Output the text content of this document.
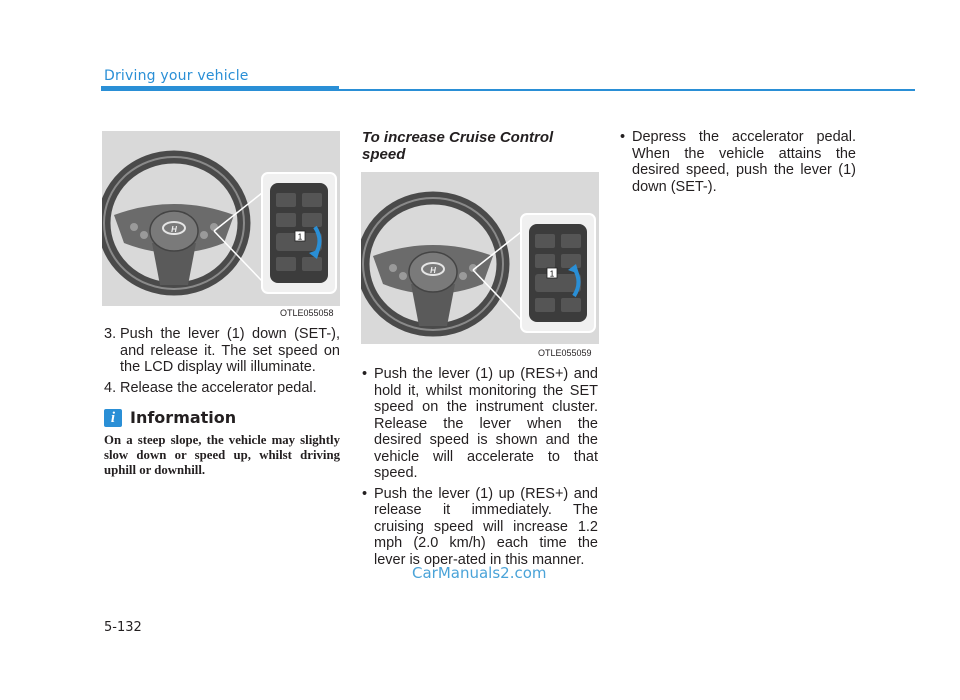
Driving your vehicle
H
1
OTLE055058
3. Push the lever (1) down (SET-), and release it. The set speed on the LCD display will illuminate.
4. Release the accelerator pedal.
i Information
On a steep slope, the vehicle may slightly slow down or speed up, whilst driving uphill or downhill.
To increase Cruise Control speed
H	1
OTLE055059
• Push the lever (1) up (RES+) and hold it, whilst monitoring the SET speed on the instrument cluster. Release the lever when the desired speed is shown and the vehicle will accelerate to that speed.
• Push the lever (1) up (RES+) and release it immediately. The cruising speed will increase 1.2 mph (2.0 km/h) each time the lever is oper-ated in this manner.
• Depress the accelerator pedal. When the vehicle attains the desired speed, push the lever (1) down (SET-).
CarManuals2.com
5-132
